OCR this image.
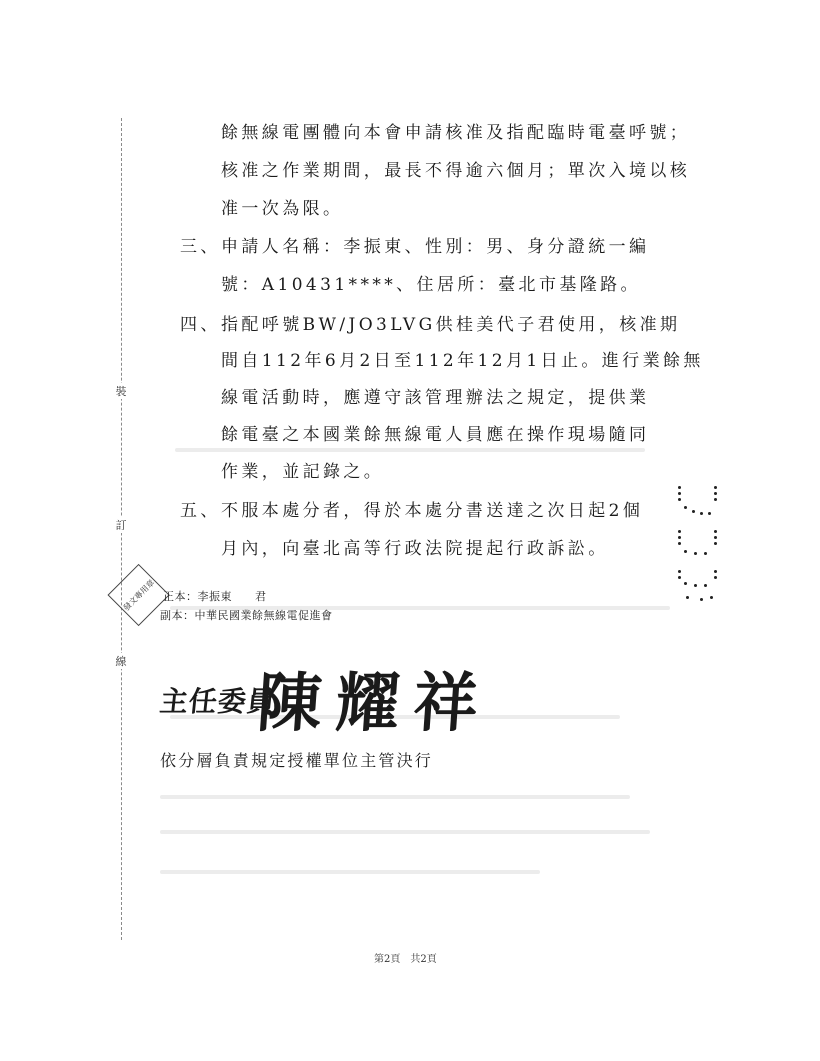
裝
訂
線
餘無線電團體向本會申請核准及指配臨時電臺呼號；
核准之作業期間，最長不得逾六個月；單次入境以核
准一次為限。
三、 申請人名稱：李振東、性別：男、身分證統一編
號：A10431****、住居所：臺北市基隆路。
四、 指配呼號BW/JO3LVG供桂美代子君使用，核准期
間自112年6月2日至112年12月1日止。進行業餘無
線電活動時，應遵守該管理辦法之規定，提供業
餘電臺之本國業餘無線電人員應在操作現場隨同
作業，並記錄之。
五、 不服本處分者，得於本處分書送達之次日起2個
月內，向臺北高等行政法院提起行政訴訟。
發文專用章 正本：李振東　　君
副本：中華民國業餘無線電促進會
主任委員
陳耀祥
依分層負責規定授權單位主管決行
第2頁　共2頁
